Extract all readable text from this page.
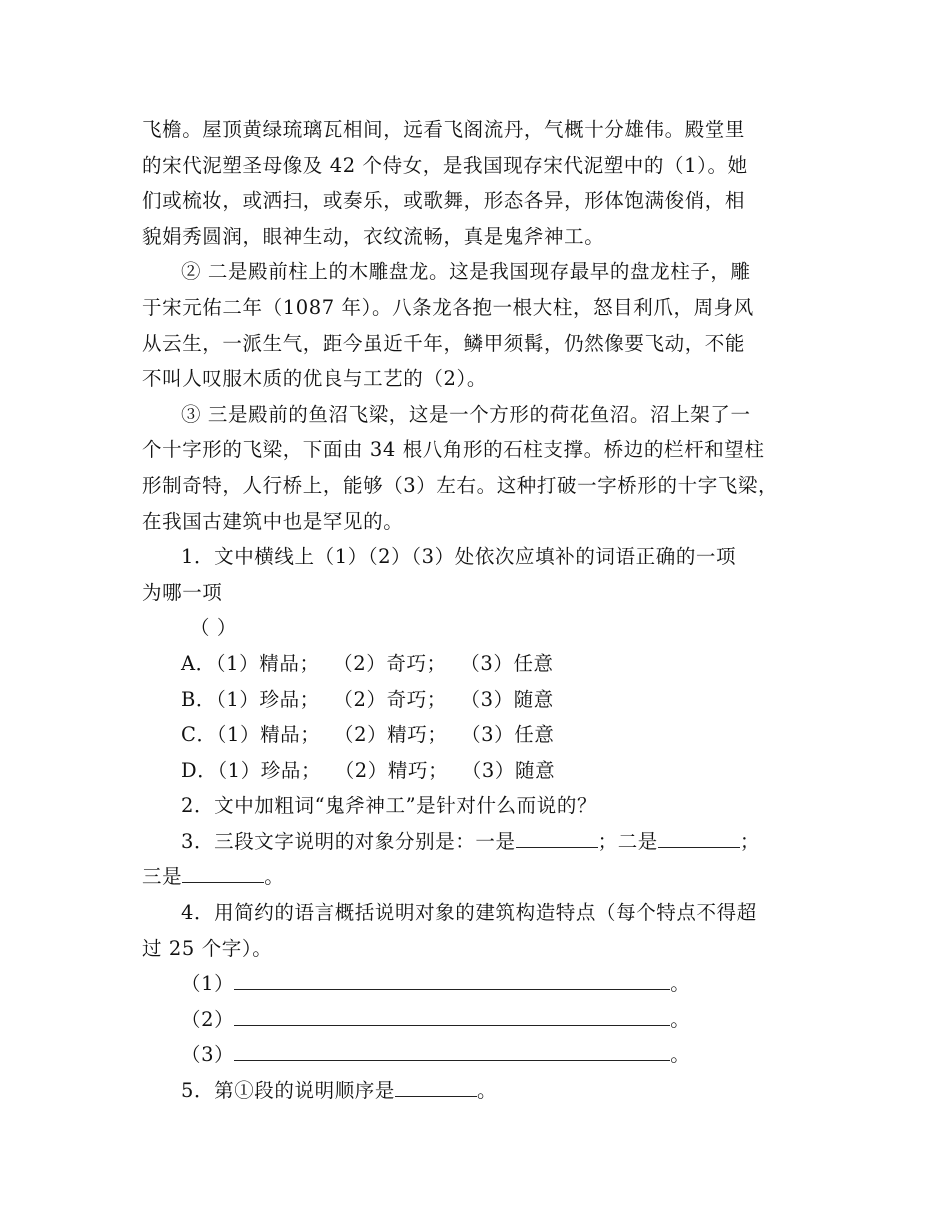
飞檐。屋顶黄绿琉璃瓦相间，远看飞阁流丹，气概十分雄伟。殿堂里

的宋代泥塑圣母像及 42 个侍女，是我国现存宋代泥塑中的（1）。她

们或梳妆，或洒扫，或奏乐，或歌舞，形态各异，形体饱满俊俏，相

貌娟秀圆润，眼神生动，衣纹流畅，真是鬼斧神工。

② 二是殿前柱上的木雕盘龙。这是我国现存最早的盘龙柱子，雕

于宋元佑二年（1087 年）。八条龙各抱一根大柱，怒目利爪，周身风

从云生，一派生气，距今虽近千年，鳞甲须髯，仍然像要飞动，不能

不叫人叹服木质的优良与工艺的（2）。

③ 三是殿前的鱼沼飞梁，这是一个方形的荷花鱼沼。沼上架了一

个十字形的飞梁，下面由 34 根八角形的石柱支撑。桥边的栏杆和望柱

形制奇特，人行桥上，能够（3）左右。这种打破一字桥形的十字飞梁，

在我国古建筑中也是罕见的。

1．文中横线上（1）（2）（3）处依次应填补的词语正确的一项

为哪一项

（ ）

A．（1）精品；  （2）奇巧；  （3）任意

B．（1）珍品；  （2）奇巧；  （3）随意

C．（1）精品；  （2）精巧；  （3）任意

D．（1）珍品；  （2）精巧；  （3）随意

2．文中加粗词“鬼斧神工”是针对什么而说的？

3．三段文字说明的对象分别是：一是	；二是	；

三是	。

4．用简约的语言概括说明对象的建筑构造特点（每个特点不得超

过 25 个字）。

（1）	。

（2）	。

（3）	。

5．第①段的说明顺序是	。
